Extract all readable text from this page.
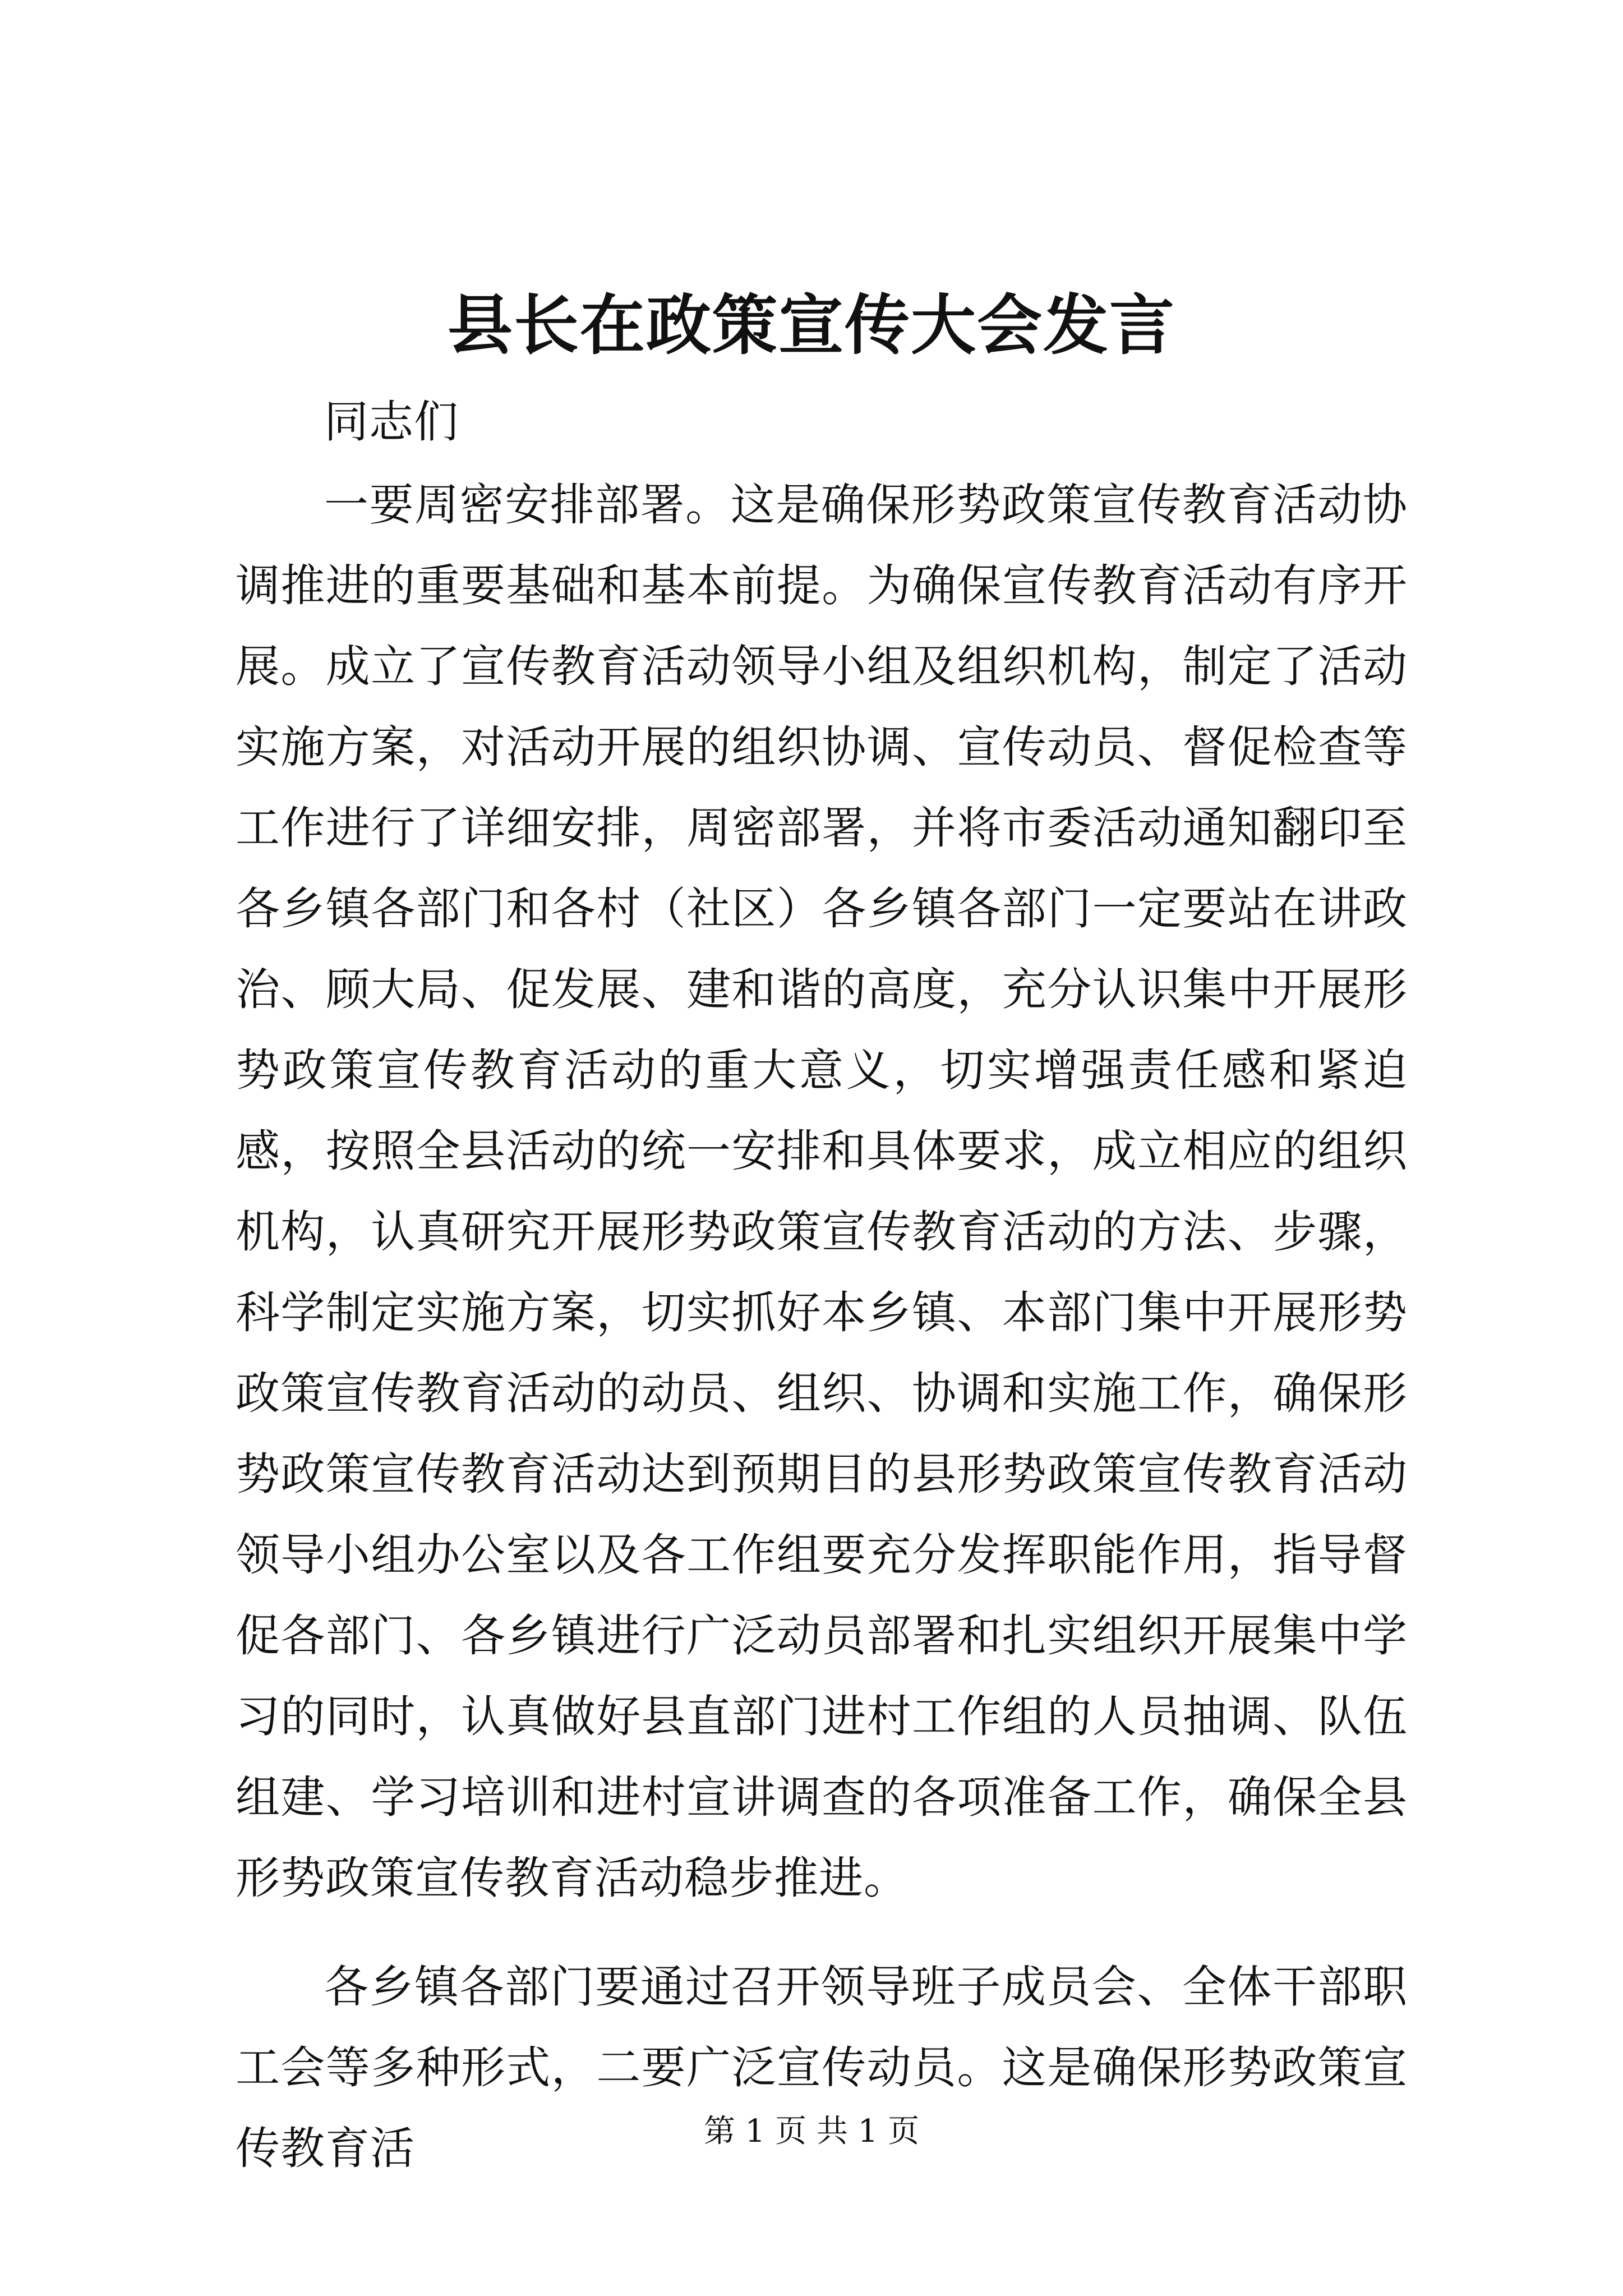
县长在政策宣传大会发言

同志们

一要周密安排部署。这是确保形势政策宣传教育活动协调推进的重要基础和基本前提。为确保宣传教育活动有序开展。成立了宣传教育活动领导小组及组织机构，制定了活动实施方案，对活动开展的组织协调、宣传动员、督促检查等工作进行了详细安排，周密部署，并将市委活动通知翻印至各乡镇各部门和各村（社区）各乡镇各部门一定要站在讲政治、顾大局、促发展、建和谐的高度，充分认识集中开展形势政策宣传教育活动的重大意义，切实增强责任感和紧迫感，按照全县活动的统一安排和具体要求，成立相应的组织机构，认真研究开展形势政策宣传教育活动的方法、步骤，科学制定实施方案，切实抓好本乡镇、本部门集中开展形势政策宣传教育活动的动员、组织、协调和实施工作，确保形势政策宣传教育活动达到预期目的县形势政策宣传教育活动领导小组办公室以及各工作组要充分发挥职能作用，指导督促各部门、各乡镇进行广泛动员部署和扎实组织开展集中学习的同时，认真做好县直部门进村工作组的人员抽调、队伍组建、学习培训和进村宣讲调查的各项准备工作，确保全县形势政策宣传教育活动稳步推进。

各乡镇各部门要通过召开领导班子成员会、全体干部职工会等多种形式，二要广泛宣传动员。这是确保形势政策宣传教育活	第 1 页 共 1 页
